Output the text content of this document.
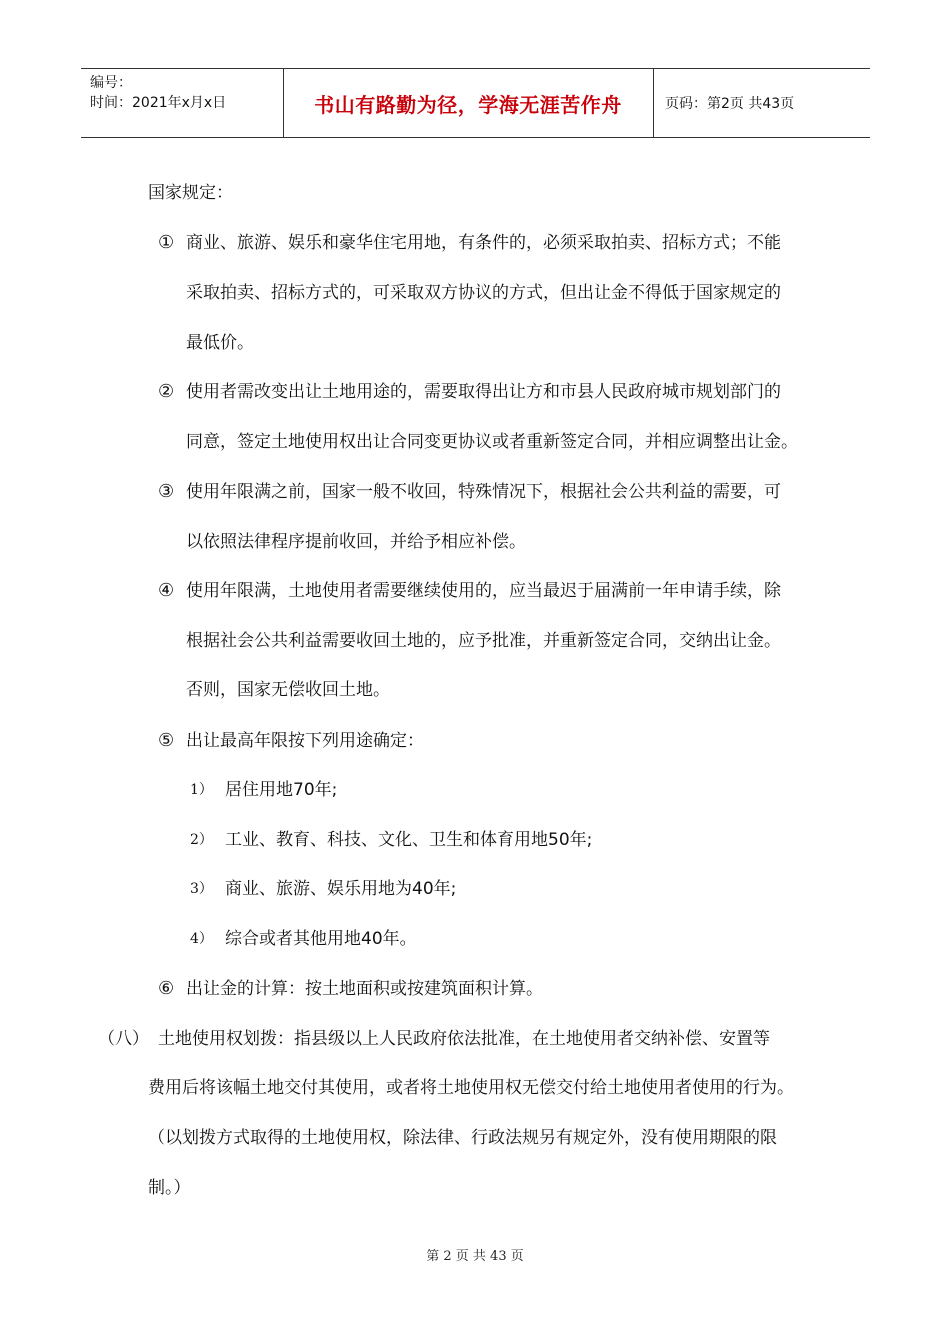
编号：
时间：2021年x月x日	书山有路勤为径，学海无涯苦作舟	页码：第2页 共43页
国家规定：
① 商业、旅游、娱乐和豪华住宅用地，有条件的，必须采取拍卖、招标方式；不能
采取拍卖、招标方式的，可采取双方协议的方式，但出让金不得低于国家规定的
最低价。
② 使用者需改变出让土地用途的，需要取得出让方和市县人民政府城市规划部门的
同意，签定土地使用权出让合同变更协议或者重新签定合同，并相应调整出让金。
③ 使用年限满之前，国家一般不收回，特殊情况下，根据社会公共利益的需要，可
以依照法律程序提前收回，并给予相应补偿。
④ 使用年限满，土地使用者需要继续使用的，应当最迟于届满前一年申请手续，除
根据社会公共利益需要收回土地的，应予批准，并重新签定合同，交纳出让金。
否则，国家无偿收回土地。
⑤ 出让最高年限按下列用途确定：
1） 居住用地70年;
2） 工业、教育、科技、文化、卫生和体育用地50年;
3） 商业、旅游、娱乐用地为40年;
4） 综合或者其他用地40年。
⑥ 出让金的计算：按土地面积或按建筑面积计算。
（八） 土地使用权划拨：指县级以上人民政府依法批准，在土地使用者交纳补偿、安置等
费用后将该幅土地交付其使用，或者将土地使用权无偿交付给土地使用者使用的行为。
（以划拨方式取得的土地使用权，除法律、行政法规另有规定外，没有使用期限的限
制。）
第 2 页 共 43 页
